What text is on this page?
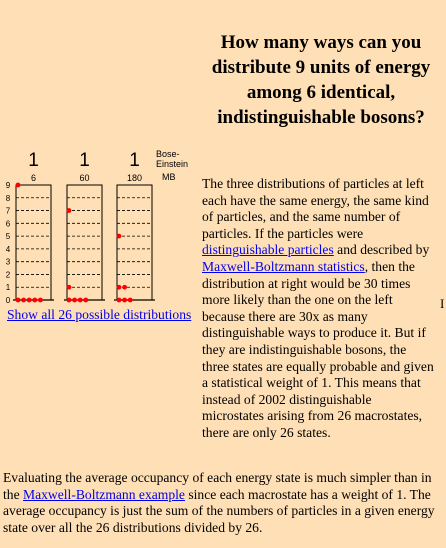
How many ways can you distribute 9 units of energy among 6 identical, indistinguishable bosons?
1 1 1
6	60	180
Bose-
Einstein
MB
0
1
2
3
4
5
6
7
8
9
Show all 26 possible distributions
The three distributions of particles at left each have the same energy, the same kind of particles, and the same number of particles. If the particles were distinguishable particles and described by Maxwell-Boltzmann statistics, then the distribution at right would be 30 times more likely than the one on the left because there are 30x as many distinguishable ways to produce it. But if they are indistinguishable bosons, the three states are equally probable and given a statistical weight of 1. This means that instead of 2002 distinguishable microstates arising from 26 macrostates, there are only 26 states.
Evaluating the average occupancy of each energy state is much simpler than in the Maxwell-Boltzmann example since each macrostate has a weight of 1. The average occupancy is just the sum of the numbers of particles in a given energy state over all the 26 distributions divided by 26.
I
